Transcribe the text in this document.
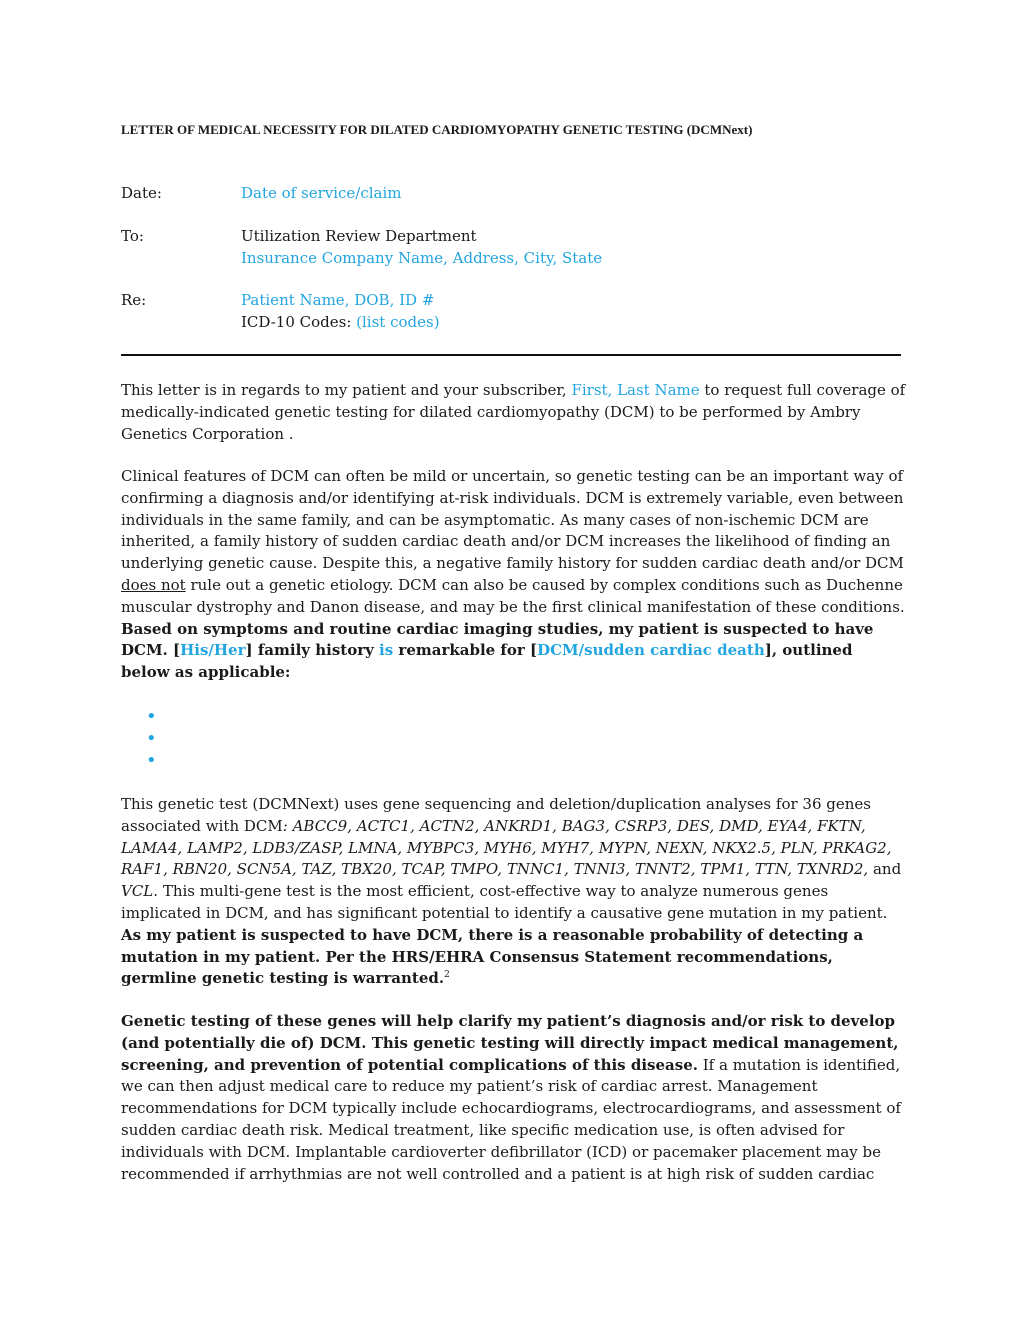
LETTER OF MEDICAL NECESSITY FOR DILATED CARDIOMYOPATHY GENETIC TESTING (DCMNext)
Date:	Date of service/claim
To:	Utilization Review Department
Insurance Company Name, Address, City, State
Re:	Patient Name, DOB, ID #
ICD-10 Codes: (list codes)

This letter is in regards to my patient and your subscriber, First, Last Name to request full coverage of medically-indicated genetic testing for dilated cardiomyopathy (DCM) to be performed by Ambry Genetics Corporation .

Clinical features of DCM can often be mild or uncertain, so genetic testing can be an important way of confirming a diagnosis and/or identifying at-risk individuals. DCM is extremely variable, even between individuals in the same family, and can be asymptomatic. As many cases of non-ischemic DCM are inherited, a family history of sudden cardiac death and/or DCM increases the likelihood of finding an underlying genetic cause. Despite this, a negative family history for sudden cardiac death and/or DCM does not rule out a genetic etiology. DCM can also be caused by complex conditions such as Duchenne muscular dystrophy and Danon disease, and may be the first clinical manifestation of these conditions. Based on symptoms and routine cardiac imaging studies, my patient is suspected to have DCM. [His/Her] family history is remarkable for [DCM/sudden cardiac death], outlined below as applicable:

•
•
•

This genetic test (DCMNext) uses gene sequencing and deletion/duplication analyses for 36 genes associated with DCM: ABCC9, ACTC1, ACTN2, ANKRD1, BAG3, CSRP3, DES, DMD, EYA4, FKTN, LAMA4, LAMP2, LDB3/ZASP, LMNA, MYBPC3, MYH6, MYH7, MYPN, NEXN, NKX2.5, PLN, PRKAG2, RAF1, RBN20, SCN5A, TAZ, TBX20, TCAP, TMPO, TNNC1, TNNI3, TNNT2, TPM1, TTN, TXNRD2, and VCL. This multi-gene test is the most efficient, cost-effective way to analyze numerous genes implicated in DCM, and has significant potential to identify a causative gene mutation in my patient. As my patient is suspected to have DCM, there is a reasonable probability of detecting a mutation in my patient. Per the HRS/EHRA Consensus Statement recommendations, germline genetic testing is warranted.$^2$

Genetic testing of these genes will help clarify my patient’s diagnosis and/or risk to develop (and potentially die of) DCM. This genetic testing will directly impact medical management, screening, and prevention of potential complications of this disease. If a mutation is identified, we can then adjust medical care to reduce my patient’s risk of cardiac arrest. Management recommendations for DCM typically include echocardiograms, electrocardiograms, and assessment of sudden cardiac death risk. Medical treatment, like specific medication use, is often advised for individuals with DCM. Implantable cardioverter defibrillator (ICD) or pacemaker placement may be recommended if arrhythmias are not well controlled and a patient is at high risk of sudden cardiac
